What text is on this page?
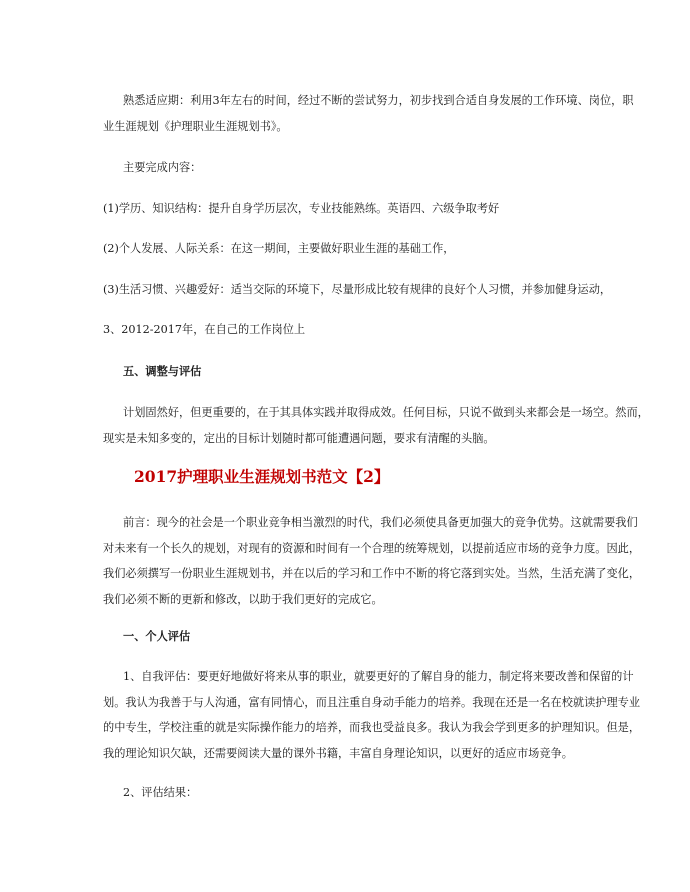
熟悉适应期：利用3年左右的时间，经过不断的尝试努力，初步找到合适自身发展的工作环境、岗位，职
业生涯规划《护理职业生涯规划书》。

主要完成内容：

(1)学历、知识结构：提升自身学历层次，专业技能熟练。英语四、六级争取考好

(2)个人发展、人际关系：在这一期间，主要做好职业生涯的基础工作，

(3)生活习惯、兴趣爱好：适当交际的环境下，尽量形成比较有规律的良好个人习惯，并参加健身运动，

3、2012-2017年，在自己的工作岗位上

五、调整与评估

计划固然好，但更重要的，在于其具体实践并取得成效。任何目标，只说不做到头来都会是一场空。然而，
现实是未知多变的，定出的目标计划随时都可能遭遇问题，要求有清醒的头脑。
2017护理职业生涯规划书范文【2】
前言：现今的社会是一个职业竞争相当激烈的时代，我们必须使具备更加强大的竞争优势。这就需要我们
对未来有一个长久的规划，对现有的资源和时间有一个合理的统筹规划，以提前适应市场的竞争力度。因此，
我们必须撰写一份职业生涯规划书，并在以后的学习和工作中不断的将它落到实处。当然，生活充满了变化，
我们必须不断的更新和修改，以助于我们更好的完成它。

一、个人评估

1、自我评估：要更好地做好将来从事的职业，就要更好的了解自身的能力，制定将来要改善和保留的计
划。我认为我善于与人沟通，富有同情心，而且注重自身动手能力的培养。我现在还是一名在校就读护理专业
的中专生，学校注重的就是实际操作能力的培养，而我也受益良多。我认为我会学到更多的护理知识。但是，
我的理论知识欠缺，还需要阅读大量的课外书籍，丰富自身理论知识，以更好的适应市场竞争。

2、评估结果：
